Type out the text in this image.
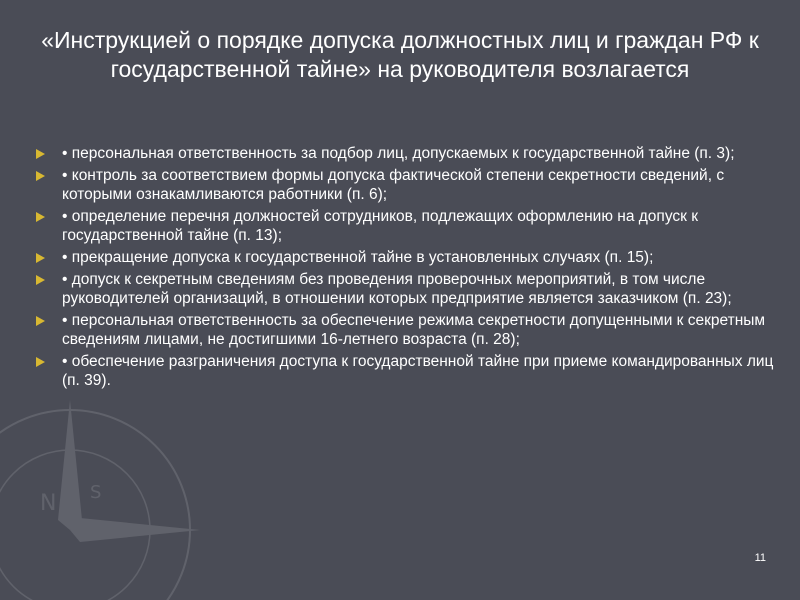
N S
«Инструкцией о порядке допуска должностных лиц и граждан РФ к государственной тайне» на руководителя возлагается
• персональная ответственность за подбор лиц, допускаемых к государственной тайне (п. 3);
• контроль за соответствием формы допуска фактической степени секретности сведений, с которыми ознакамливаются работники (п. 6);
• определение перечня должностей сотрудников, подлежащих оформлению на допуск к государственной тайне (п. 13);
• прекращение допуска к государственной тайне в установленных случаях (п. 15);
• допуск к секретным сведениям без проведения проверочных мероприятий, в том числе руководителей организаций, в отношении которых предприятие является заказчиком (п. 23);
• персональная ответственность за обеспечение режима секретности допущенными к секретным сведениям лицами, не достигшими 16-летнего возраста (п. 28);
• обеспечение разграничения доступа к государственной тайне при приеме командированных лиц (п. 39).
11
